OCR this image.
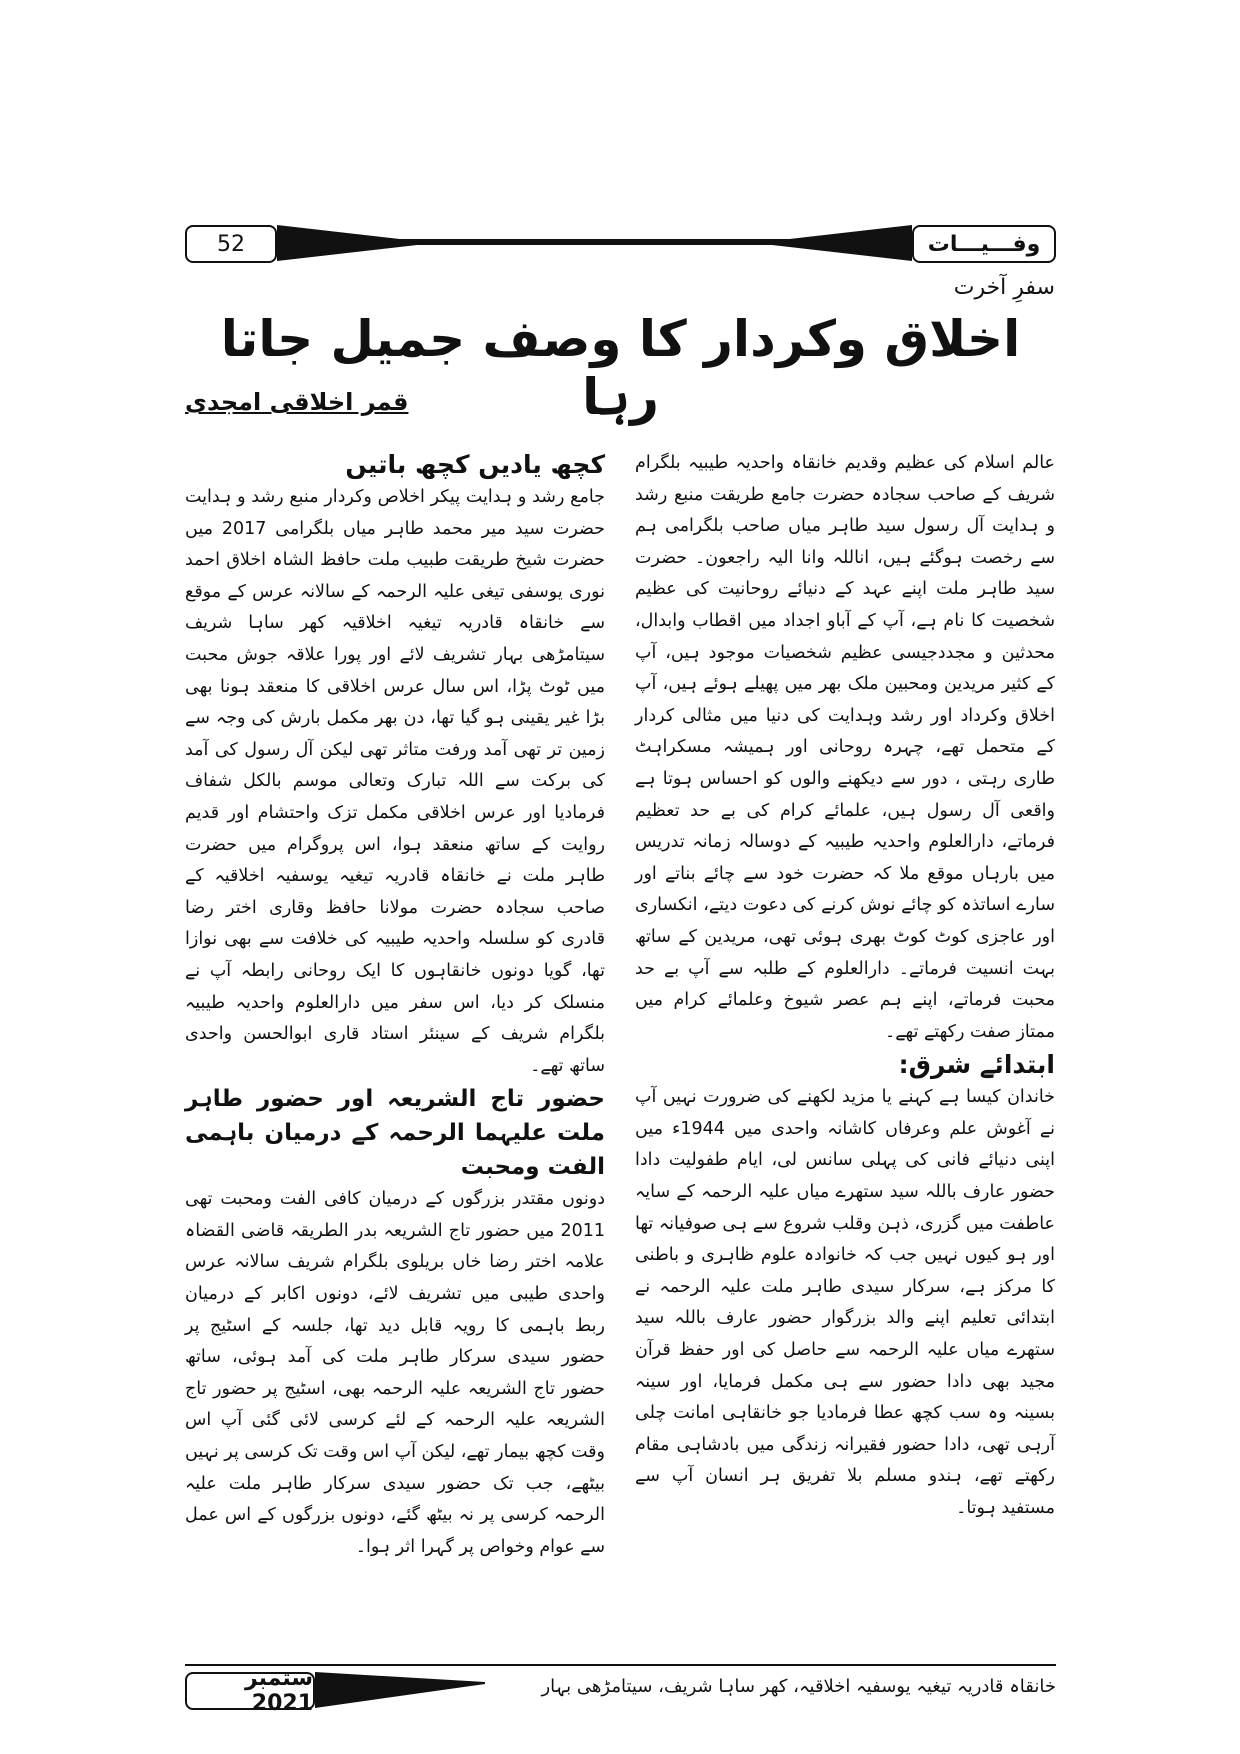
52	وفـــیـــات
سفرِ آخرت
اخلاق وکردار کا وصف جمیل جاتا رہا
قمر اخلاقی امجدی

عالم اسلام کی عظیم وقدیم خانقاہ واحدیہ طیبیہ بلگرام شریف کے صاحب سجادہ حضرت جامع طریقت منبع رشد و ہدایت آل رسول سید طاہر میاں صاحب بلگرامی ہم سے رخصت ہوگئے ہیں، اناللہ وانا الیہ راجعون۔ حضرت سید طاہر ملت اپنے عہد کے دنیائے روحانیت کی عظیم شخصیت کا نام ہے، آپ کے آباو اجداد میں اقطاب وابدال، محدثین و مجددجیسی عظیم شخصیات موجود ہیں، آپ کے کثیر مریدین ومحبین ملک بھر میں پھیلے ہوئے ہیں، آپ اخلاق وکرداد اور رشد وہدایت کی دنیا میں مثالی کردار کے متحمل تھے، چہرہ روحانی اور ہمیشہ مسکراہٹ طاری رہتی ، دور سے دیکھنے والوں کو احساس ہوتا ہے واقعی آل رسول ہیں، علمائے کرام کی بے حد تعظیم فرماتے، دارالعلوم واحدیہ طیبیہ کے دوسالہ زمانہ تدریس میں بارہاں موقع ملا کہ حضرت خود سے چائے بناتے اور سارے اساتذہ کو چائے نوش کرنے کی دعوت دیتے، انکساری اور عاجزی کوٹ کوٹ بھری ہوئی تھی، مریدین کے ساتھ بہت انسیت فرماتے۔ دارالعلوم کے طلبہ سے آپ بے حد محبت فرماتے، اپنے ہم عصر شیوخ وعلمائے کرام میں ممتاز صفت رکھتے تھے۔

ابتدائے شرق:

خاندان کیسا ہے کہنے یا مزید لکھنے کی ضرورت نہیں آپ نے آغوش علم وعرفاں کاشانہ واحدی میں 1944ء میں اپنی دنیائے فانی کی پہلی سانس لی، ایام طفولیت دادا حضور عارف باللہ سید ستھرے میاں علیہ الرحمہ کے سایہ عاطفت میں گزری، ذہن وقلب شروع سے ہی صوفیانہ تھا اور ہو کیوں نہیں جب کہ خانوادہ علوم ظاہری و باطنی کا مرکز ہے، سرکار سیدی طاہر ملت علیہ الرحمہ نے ابتدائی تعلیم اپنے والد بزرگوار حضور عارف باللہ سید ستھرے میاں علیہ الرحمہ سے حاصل کی اور حفظ قرآن مجید بھی دادا حضور سے ہی مکمل فرمایا، اور سینہ بسینہ وہ سب کچھ عطا فرمادیا جو خانقاہی امانت چلی آرہی تھی، دادا حضور فقیرانہ زندگی میں بادشاہی مقام رکھتے تھے، ہندو مسلم بلا تفریق ہر انسان آپ سے مستفید ہوتا۔

کچھ یادیں کچھ باتیں

جامع رشد و ہدایت پیکر اخلاص وکردار منبع رشد و ہدایت حضرت سید میر محمد طاہر میاں بلگرامی 2017 میں حضرت شیخ طریقت طبیب ملت حافظ الشاہ اخلاق احمد نوری یوسفی تیغی علیہ الرحمہ کے سالانہ عرس کے موقع سے خانقاہ قادریہ تیغیہ اخلاقیہ کھر ساہا شریف سیتامڑھی بہار تشریف لائے اور پورا علاقہ جوش محبت میں ٹوٹ پڑا، اس سال عرس اخلاقی کا منعقد ہونا بھی بڑا غیر یقینی ہو گیا تھا، دن بھر مکمل بارش کی وجہ سے زمین تر تھی آمد ورفت متاثر تھی لیکن آل رسول کی آمد کی برکت سے اللہ تبارک وتعالی موسم بالکل شفاف فرمادیا اور عرس اخلاقی مکمل تزک واحتشام اور قدیم روایت کے ساتھ منعقد ہوا، اس پروگرام میں حضرت طاہر ملت نے خانقاہ قادریہ تیغیہ یوسفیہ اخلاقیہ کے صاحب سجادہ حضرت مولانا حافظ وقاری اختر رضا قادری کو سلسلہ واحدیہ طیبیہ کی خلافت سے بھی نوازا تھا، گویا دونوں خانقاہوں کا ایک روحانی رابطہ آپ نے منسلک کر دیا، اس سفر میں دارالعلوم واحدیہ طیبیہ بلگرام شریف کے سینئر استاد قاری ابوالحسن واحدی ساتھ تھے۔

حضور تاج الشریعہ اور حضور طاہر ملت علیہما الرحمہ کے درمیان باہمی الفت ومحبت

دونوں مقتدر بزرگوں کے درمیان کافی الفت ومحبت تھی 2011 میں حضور تاج الشریعہ بدر الطریقہ قاضی القضاہ علامہ اختر رضا خاں بریلوی بلگرام شریف سالانہ عرس واحدی طیبی میں تشریف لائے، دونوں اکابر کے درمیان ربط باہمی کا رویہ قابل دید تھا، جلسہ کے اسٹیج پر حضور سیدی سرکار طاہر ملت کی آمد ہوئی، ساتھ حضور تاج الشریعہ علیہ الرحمہ بھی، اسٹیج پر حضور تاج الشریعہ علیہ الرحمہ کے لئے کرسی لائی گئی آپ اس وقت کچھ بیمار تھے، لیکن آپ اس وقت تک کرسی پر نہیں بیٹھے، جب تک حضور سیدی سرکار طاہر ملت علیہ الرحمہ کرسی پر نہ بیٹھ گئے، دونوں بزرگوں کے اس عمل سے عوام وخواص پر گہرا اثر ہوا۔

ستمبر 2021
خانقاہ قادریہ تیغیہ یوسفیہ اخلاقیہ، کھر ساہا شریف، سیتامڑھی بہار
